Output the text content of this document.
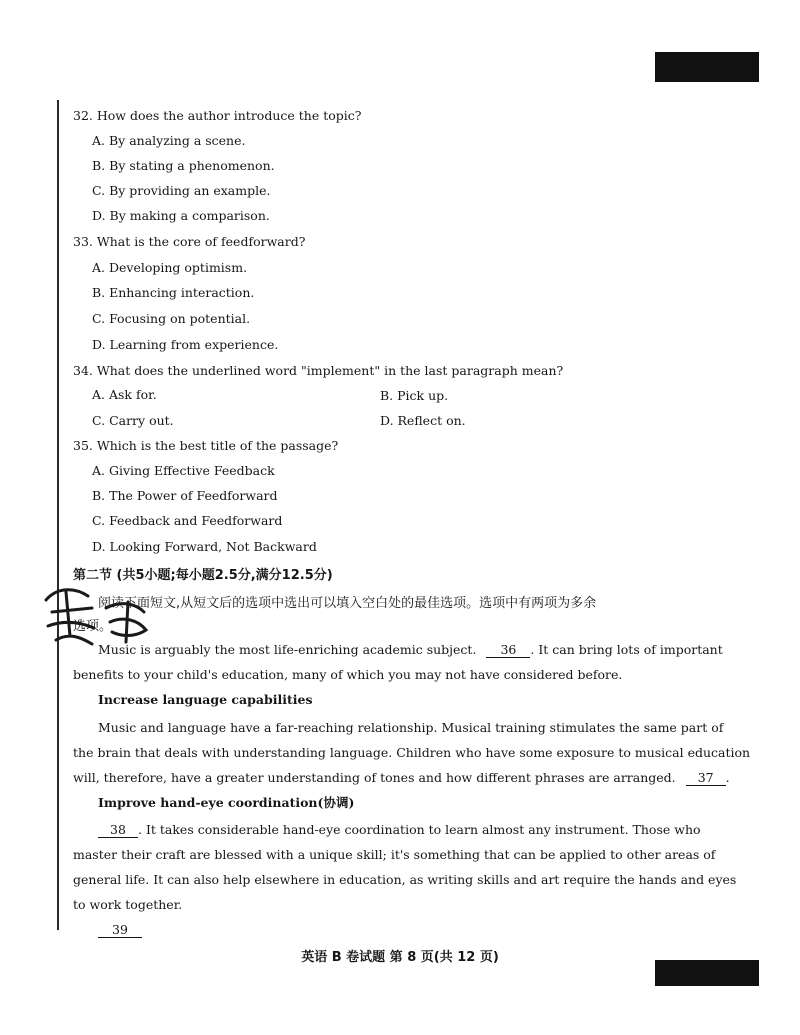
32. How does the author introduce the topic?
A. By analyzing a scene.
B. By stating a phenomenon.
C. By providing an example.
D. By making a comparison.
33. What is the core of feedforward?
A. Developing optimism.
B. Enhancing interaction.
C. Focusing on potential.
D. Learning from experience.
34. What does the underlined word "implement" in the last paragraph mean?
A. Ask for.	B. Pick up.
C. Carry out.	D. Reflect on.
35. Which is the best title of the passage?
A. Giving Effective Feedback
B. The Power of Feedforward
C. Feedback and Feedforward
D. Looking Forward, Not Backward
第二节 (共5小题;每小题2.5分,满分12.5分)
阅读下面短文,从短文后的选项中选出可以填入空白处的最佳选项。选项中有两项为多余
选项。
Music is arguably the most life-enriching academic subject. 36 . It can bring lots of important
benefits to your child's education, many of which you may not have considered before.
Increase language capabilities
Music and language have a far-reaching relationship. Musical training stimulates the same part of
the brain that deals with understanding language. Children who have some exposure to musical education
will, therefore, have a greater understanding of tones and how different phrases are arranged. 37 .
Improve hand-eye coordination(协调)
38 . It takes considerable hand-eye coordination to learn almost any instrument. Those who
master their craft are blessed with a unique skill; it's something that can be applied to other areas of
general life. It can also help elsewhere in education, as writing skills and art require the hands and eyes
to work together.
39
英语 B 卷试题 第 8 页(共 12 页)
